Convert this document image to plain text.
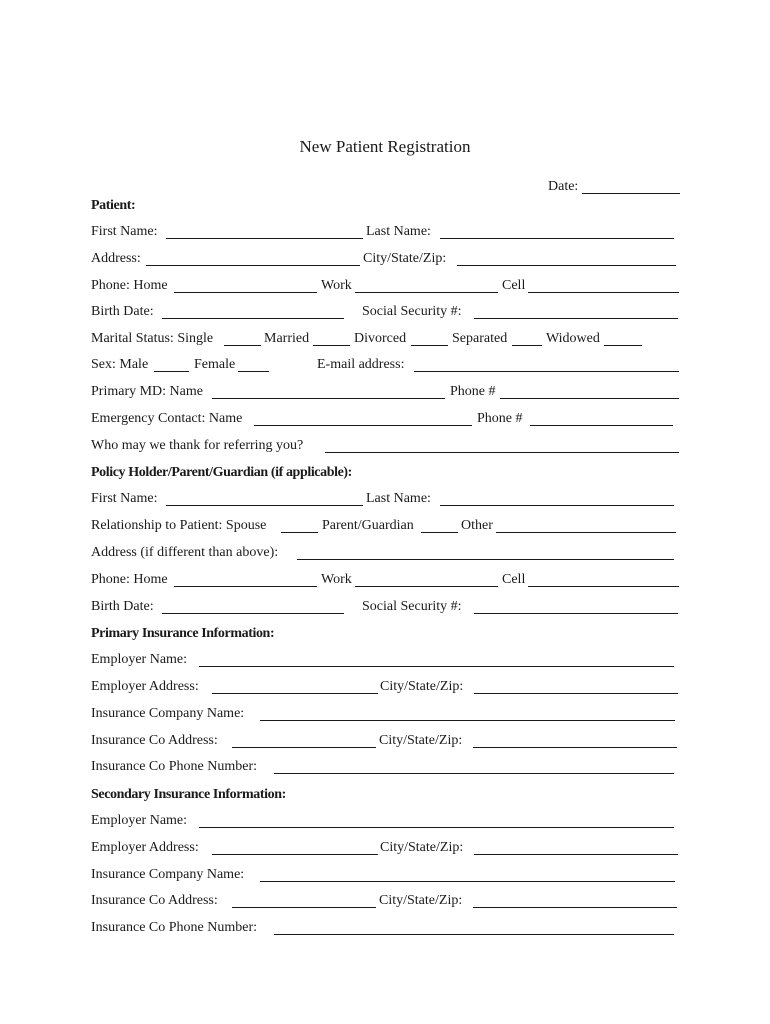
New Patient Registration
Date:
Patient:
First Name:	Last Name:
Address:	City/State/Zip:
Phone: Home	Work	Cell
Birth Date:	Social Security #:
Marital Status: Single	Married	Divorced	Separated	Widowed
Sex: Male	Female	E-mail address:
Primary MD: Name	Phone #
Emergency Contact: Name	Phone #
Who may we thank for referring you?
Policy Holder/Parent/Guardian (if applicable):
First Name:	Last Name:
Relationship to Patient: Spouse	Parent/Guardian	Other
Address (if different than above):
Phone: Home	Work	Cell
Birth Date:	Social Security #:
Primary Insurance Information:
Employer Name:
Employer Address:	City/State/Zip:
Insurance Company Name:
Insurance Co Address:	City/State/Zip:
Insurance Co Phone Number:
Secondary Insurance Information:
Employer Name:
Employer Address:	City/State/Zip:
Insurance Company Name:
Insurance Co Address:	City/State/Zip:
Insurance Co Phone Number:
